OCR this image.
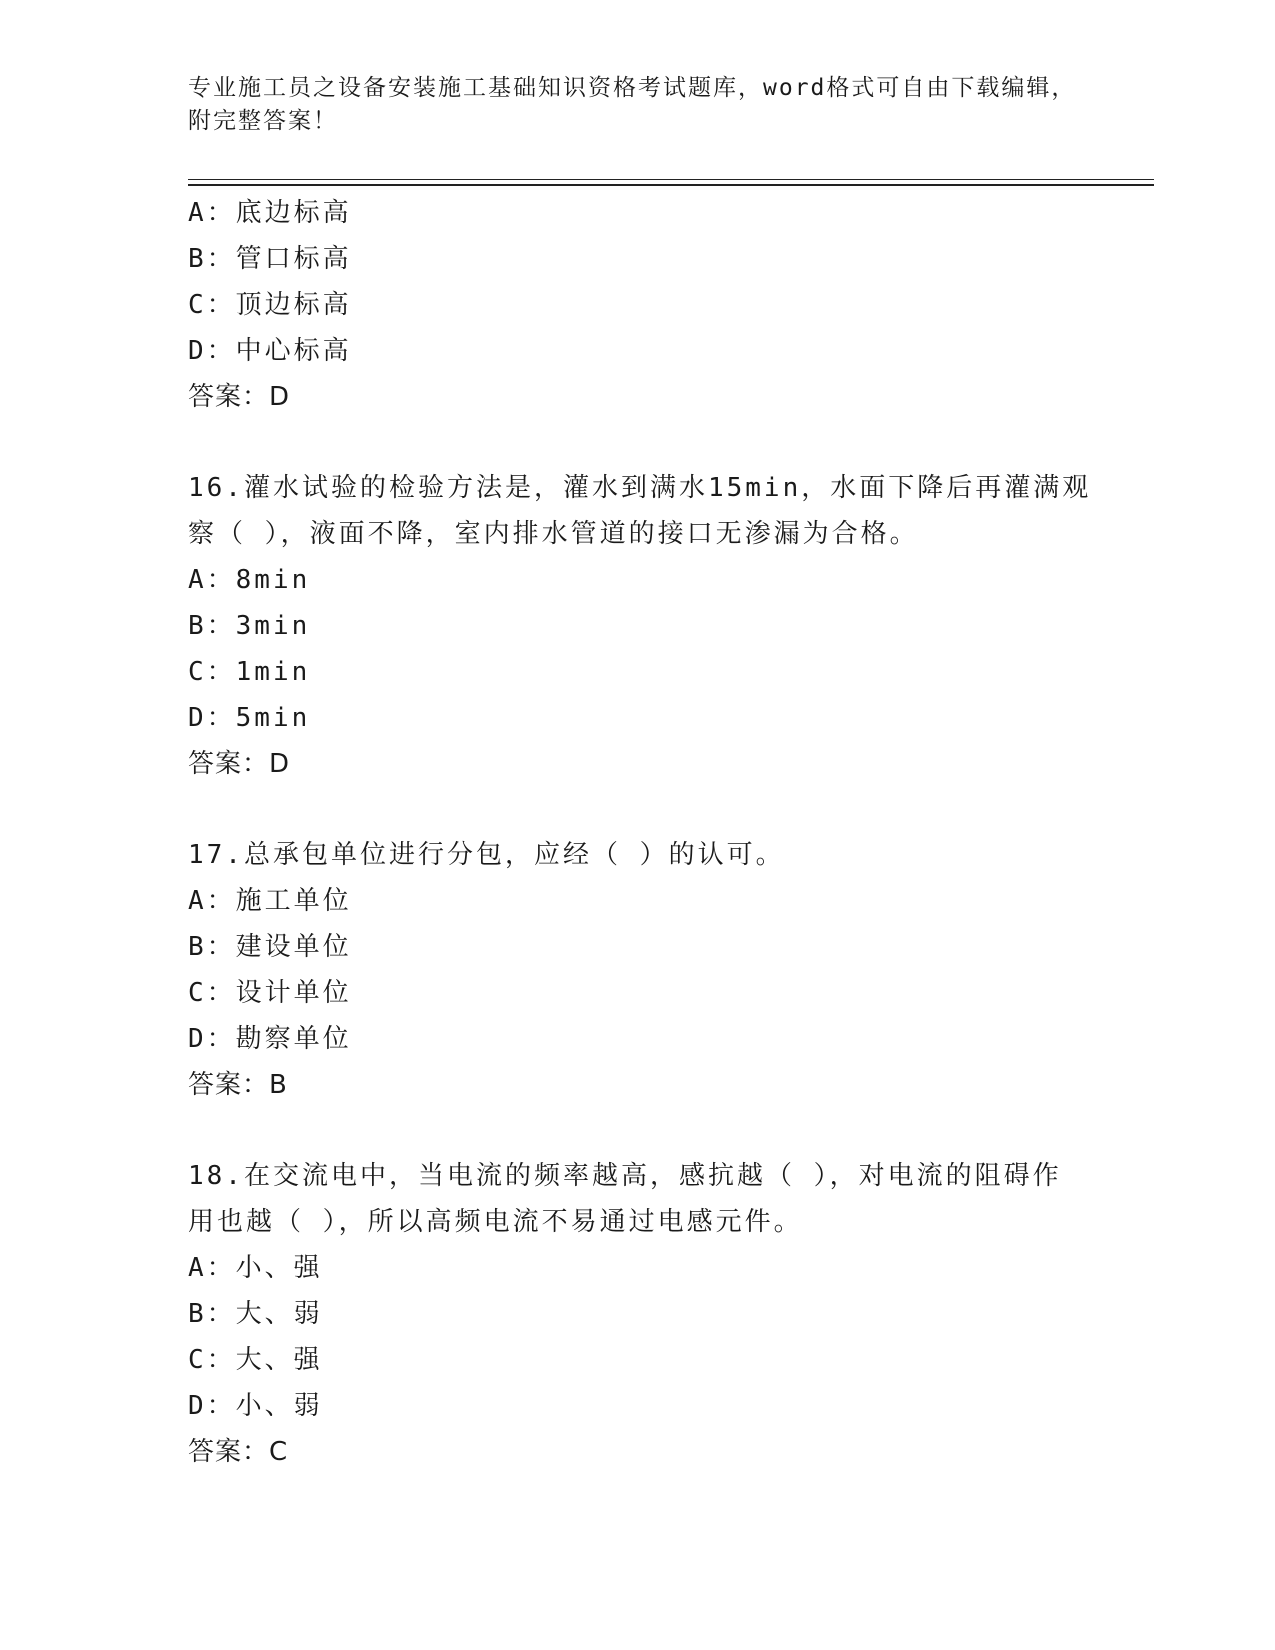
专业施工员之设备安装施工基础知识资格考试题库，word格式可自由下载编辑，
附完整答案！
A：底边标高
B：管口标高
C：顶边标高
D：中心标高
答案：D
16.灌水试验的检验方法是，灌水到满水15min，水面下降后再灌满观
察（ ），液面不降，室内排水管道的接口无渗漏为合格。
A：8min
B：3min
C：1min
D：5min
答案：D
17.总承包单位进行分包，应经（ ）的认可。
A：施工单位
B：建设单位
C：设计单位
D：勘察单位
答案：B
18.在交流电中，当电流的频率越高，感抗越（ ），对电流的阻碍作
用也越（ ），所以高频电流不易通过电感元件。
A：小、强
B：大、弱
C：大、强
D：小、弱
答案：C
